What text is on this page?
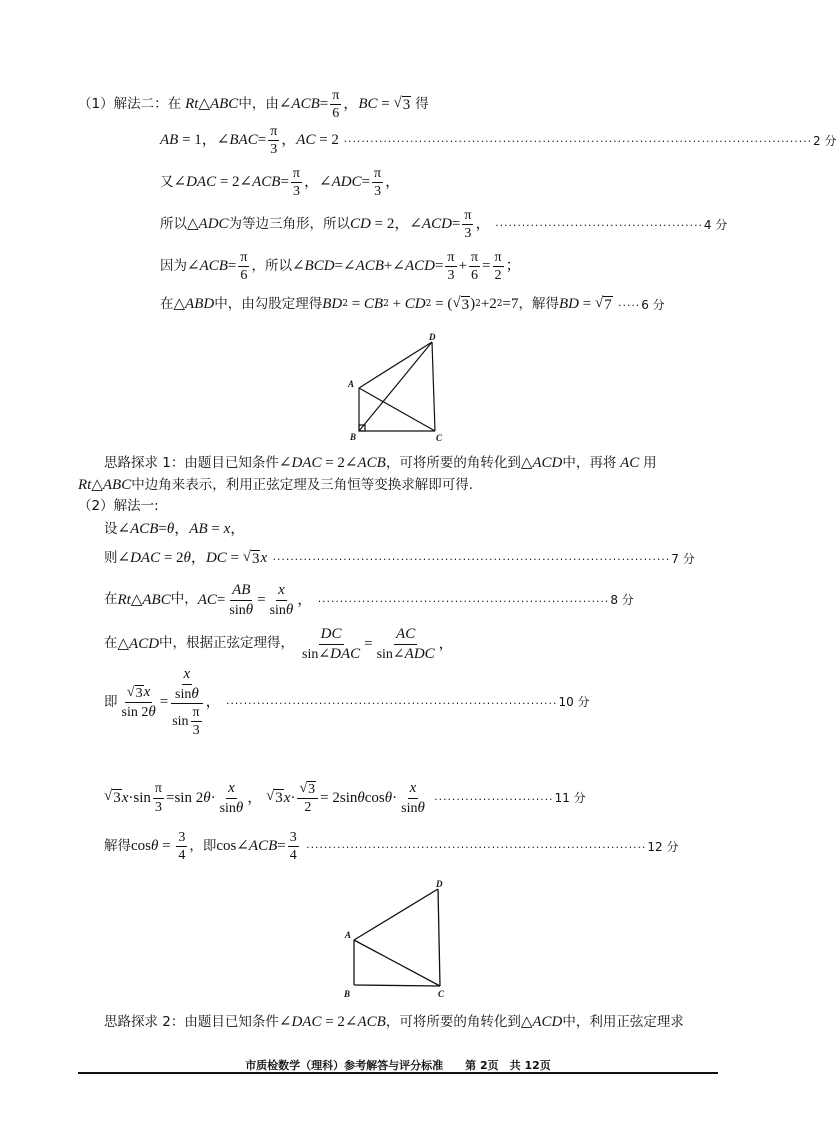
（1）解法二：在 Rt △ ABC 中，由 ∠ ACB = $\frac{\pi}{6}$ ， BC = √ 3 得
AB = 1， ∠ BAC = $\frac{\pi}{3}$ ， AC = 2 .......................................................................................................... 2 分
又 ∠ DAC = 2∠ ACB = $\frac{\pi}{3}$ ，∠ ADC = $\frac{\pi}{3}$ ，
所以 △ ADC 为等边三角形，所以 CD = 2，∠ ACD = $\frac{\pi}{3}$ ， ............................................... 4 分
因为 ∠ ACB = $\frac{\pi}{6}$ ，所以 ∠ BCD =∠ ACB +∠ ACD = $\frac{\pi}{3} + \frac{\pi}{6} = \frac{\pi}{2}$ ；
在 △ ABD 中，由勾股定理得 BD 2 = CB 2 + CD 2 = ( √ 3 ) 2 +2 2 =7 ，解得 BD = √ 7 ..... 6 分
A
B	C
D
思路探求 1：由题目已知条件 ∠ DAC = 2∠ ACB ，可将所要的角转化到 △ ACD 中，再将 AC 用
Rt △ ABC 中边角来表示，利用正弦定理及三角恒等变换求解即可得.
（2）解法一:
设 ∠ ACB = θ ， AB = x ，
则 ∠ DAC = 2 θ ， DC = √ 3 x .......................................................................................... 7 分
在 Rt △ ABC 中， AC = $\frac{AB}{\sin\theta} = \frac{x}{\sin\theta}$ ， .................................................................. 8 分
在 △ ACD 中，根据正弦定理得， $\frac{DC}{\text{sin∠DAC}} = \frac{AC}{\text{sin∠ADC}}$ ，
即 $\frac{√ 3 x}{\sin 2\theta} = \frac{\frac{x}{\sin\theta}}{\sin \frac{\pi}{3}}$ ， ........................................................................... 10 分
√ 3 $x \cdot\sin \frac{\pi}{3} =\sin$ 2 $\theta \cdot \frac{x}{\sin\theta}$ ， √ 3 $x \cdot \frac{√ 3}{2} = 2\sin$ θ $\cos \theta \cdot \frac{x}{\sin\theta}$ ........................... 11 分
解得 $\cos \theta = \frac{3}{4}$ ，即 cos∠ ACB = $\frac{3}{4}$ ............................................................................. 12 分
A
B	C
D
思路探求 2：由题目已知条件 ∠ DAC = 2∠ ACB ，可将所要的角转化到 △ ACD 中，利用正弦定理求
市质检数学（理科）参考解答与评分标准　　第 2页　共 12页
